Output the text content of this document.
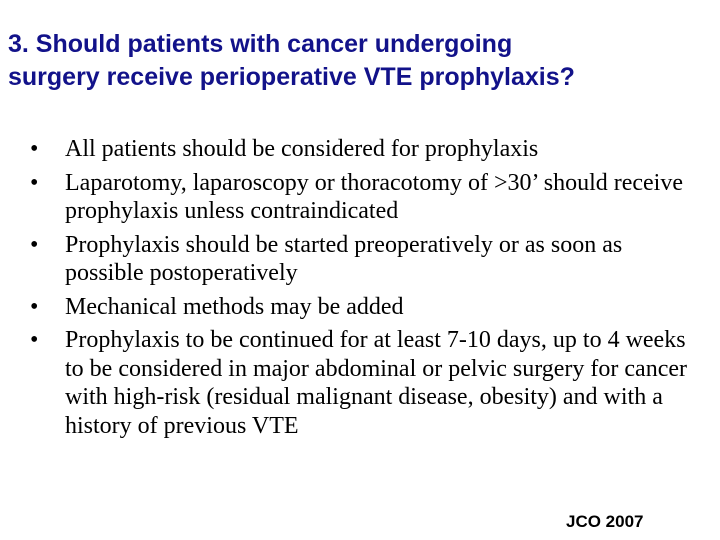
3. Should patients with cancer undergoing
surgery receive perioperative VTE prophylaxis?
•	All patients should be considered for prophylaxis
•	Laparotomy, laparoscopy or thoracotomy of >30’ should receive prophylaxis unless contraindicated
•	Prophylaxis should be started preoperatively or as soon as possible postoperatively
•	Mechanical methods may be added
•	Prophylaxis to be continued for at least 7-10 days, up to 4 weeks to be considered in major abdominal or pelvic surgery for cancer with high-risk (residual malignant disease, obesity) and with a history of previous VTE

JCO 2007
